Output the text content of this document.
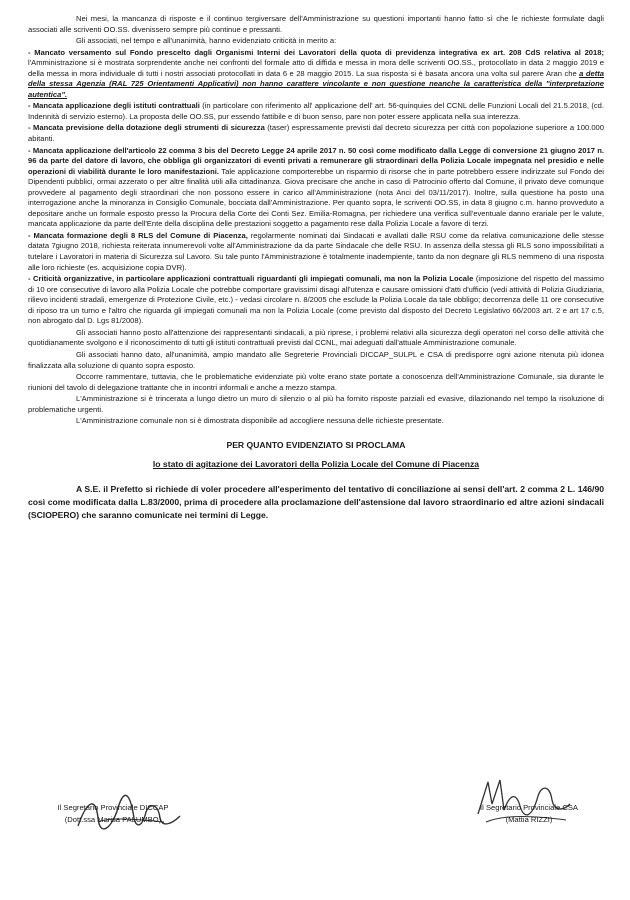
Nei mesi, la mancanza di risposte e il continuo tergiversare dell'Amministrazione su questioni importanti hanno fatto sì che le richieste formulate dagli associati alle scriventi OO.SS. divenissero sempre più continue e pressanti.

Gli associati, nel tempo e all'unanimità, hanno evidenziato criticità in merito a:

- Mancato versamento sul Fondo prescelto dagli Organismi Interni dei Lavoratori della quota di previdenza integrativa ex art. 208 CdS relativa al 2018; l'Amministrazione si è mostrata sorprendente anche nei confronti del formale atto di diffida e messa in mora delle scriventi OO.SS., protocollato in data 2 maggio 2019 e della messa in mora individuale di tutti i nostri associati protocollati in data 6 e 28 maggio 2015. La sua risposta si è basata ancora una volta sul parere Aran che a detta della stessa Agenzia (RAL 725 Orientamenti Applicativi) non hanno carattere vincolante e non questione neanche la caratteristica della "interpretazione autentica".

- Mancata applicazione degli istituti contrattuali (in particolare con riferimento all' applicazione dell' art. 56-quinquies del CCNL delle Funzioni Locali del 21.5.2018, (cd. Indennità di servizio esterno). La proposta delle OO.SS, pur essendo fattibile e di buon senso, pare non poter essere applicata nella sua interezza.

- Mancata previsione della dotazione degli strumenti di sicurezza (taser) espressamente previsti dal decreto sicurezza per città con popolazione superiore a 100.000 abitanti.

- Mancata applicazione dell'articolo 22 comma 3 bis del Decreto Legge 24 aprile 2017 n. 50 così come modificato dalla Legge di conversione 21 giugno 2017 n. 96 da parte del datore di lavoro, che obbliga gli organizzatori di eventi privati a remunerare gli straordinari della Polizia Locale impegnata nel presidio e nelle operazioni di viabilità durante le loro manifestazioni. Tale applicazione comporterebbe un risparmio di risorse che in parte potrebbero essere indirizzate sul Fondo dei Dipendenti pubblici, ormai azzerato o per altre finalità utili alla cittadinanza. Giova precisare che anche in caso di Patrocinio offerto dal Comune, il privato deve comunque provvedere al pagamento degli straordinari che non possono essere in carico all'Amministrazione (nota Anci del 03/11/2017). Inoltre, sulla questione ha posto una interrogazione anche la minoranza in Consiglio Comunale, bocciata dall'Amministrazione. Per quanto sopra, le scriventi OO.SS, in data 8 giugno c.m. hanno provveduto a depositare anche un formale esposto presso la Procura della Corte dei Conti Sez. Emilia-Romagna, per richiedere una verifica sull'eventuale danno erariale per le valute, mancata applicazione da parte dell'Ente della disciplina delle prestazioni soggetto a pagamento rese dalla Polizia Locale a favore di terzi.

- Mancata formazione degli 8 RLS del Comune di Piacenza, regolarmente nominati dai Sindacati e avallati dalle RSU come da relativa comunicazione delle stesse datata 7giugno 2018, richiesta reiterata innumerevoli volte all'Amministrazione da da parte Sindacale che delle RSU. In assenza della stessa gli RLS sono impossibilitati a tutelare i Lavoratori in materia di Sicurezza sul Lavoro. Su tale punto l'Amministrazione è totalmente inadempiente, tanto da non degnare gli RLS nemmeno di una risposta alle loro richieste (es. acquisizione copia DVR).

- Criticità organizzative, in particolare applicazioni contrattuali riguardanti gli impiegati comunali, ma non la Polizia Locale (imposizione del rispetto del massimo di 10 ore consecutive di lavoro alla Polizia Locale che potrebbe comportare gravissimi disagi all'utenza e causare omissioni d'atti d'ufficio (vedi attività di Polizia Giudiziaria, rilievo incidenti stradali, emergenze di Protezione Civile, etc.) - vedasi circolare n. 8/2005 che esclude la Polizia Locale da tale obbligo; decorrenza delle 11 ore consecutive di riposo tra un turno e l'altro che riguarda gli impiegati comunali ma non la Polizia Locale (come previsto dal disposto del Decreto Legislativo 66/2003 art. 2 e art 17 c.5, non abrogato dal D. Lgs 81/2008).

Gli associati hanno posto all'attenzione dei rappresentanti sindacali, a più riprese, i problemi relativi alla sicurezza degli operatori nel corso delle attività che quotidianamente svolgono e il riconoscimento di tutti gli istituti contrattuali previsti dal CCNL, mai adeguati dall'attuale Amministrazione comunale.

Gli associati hanno dato, all'unanimità, ampio mandato alle Segreterie Provinciali DICCAP_SULPL e CSA di predisporre ogni azione ritenuta più idonea finalizzata alla soluzione di quanto sopra esposto.

Occorre rammentare, tuttavia, che le problematiche evidenziate più volte erano state portate a conoscenza dell'Amministrazione Comunale, sia durante le riunioni del tavolo di delegazione trattante che in incontri informali e anche a mezzo stampa.

L'Amministrazione si è trincerata a lungo dietro un muro di silenzio o al più ha fornito risposte parziali ed evasive, dilazionando nel tempo la risoluzione di problematiche urgenti.

L'Amministrazione comunale non si è dimostrata disponibile ad accogliere nessuna delle richieste presentate.

PER QUANTO EVIDENZIATO SI PROCLAMA

lo stato di agitazione dei Lavoratori della Polizia Locale del Comune di Piacenza

A S.E. il Prefetto si richiede di voler procedere all'esperimento del tentativo di conciliazione ai sensi dell'art. 2 comma 2 L. 146/90 così come modificata dalla L.83/2000, prima di procedere alla proclamazione dell'astensione dal lavoro straordinario ed altre azioni sindacali (SCIOPERO) che saranno comunicate nei termini di Legge.

Il Segretario Provinciale DICCAP
(Dott.ssa Marisa PALUMBO)
Il Segretario Provinciale CSA
(Mattia RIZZI)
